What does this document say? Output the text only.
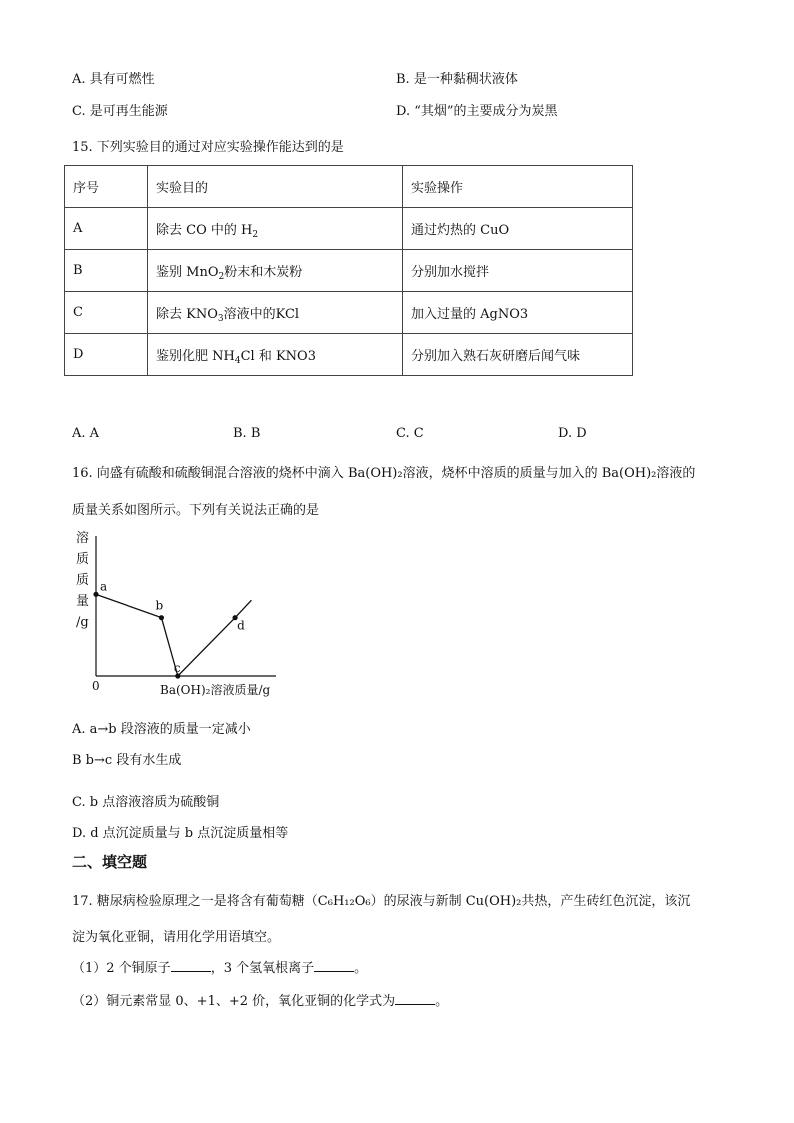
A. 具有可燃性	B. 是一种黏稠状液体
C. 是可再生能源	D. “其烟”的主要成分为炭黑
15. 下列实验目的通过对应实验操作能达到的是
序号	实验目的	实验操作
A	除去 CO 中的 $H_2$	通过灼热的 CuO
B	鉴别 MnO$_2$粉末和木炭粉	分别加水搅拌
C	除去 $KNO_3$溶液中的KCl	加入过量的 AgNO3
D	鉴别化肥 $NH_4Cl$ 和 KNO3	分别加入熟石灰研磨后闻气味
A. A	B. B	C. C	D. D
16. 向盛有硫酸和硫酸铜混合溶液的烧杯中滴入 Ba(OH)₂溶液，烧杯中溶质的质量与加入的 Ba(OH)₂溶液的
质量关系如图所示。下列有关说法正确的是
溶
质
质
量
/g
0	Ba(OH)₂溶液质量/g
a
b
c
d
A. a→b 段溶液的质量一定减小
B b→c 段有水生成
C. b 点溶液溶质为硫酸铜
D. d 点沉淀质量与 b 点沉淀质量相等
二、填空题
17. 糖尿病检验原理之一是将含有葡萄糖（C₆H₁₂O₆）的尿液与新制 Cu(OH)₂共热，产生砖红色沉淀，该沉
淀为氧化亚铜，请用化学用语填空。
（1）2 个铜原子	，3 个氢氧根离子	。
（2）铜元素常显 0、+1、+2 价，氧化亚铜的化学式为	。
